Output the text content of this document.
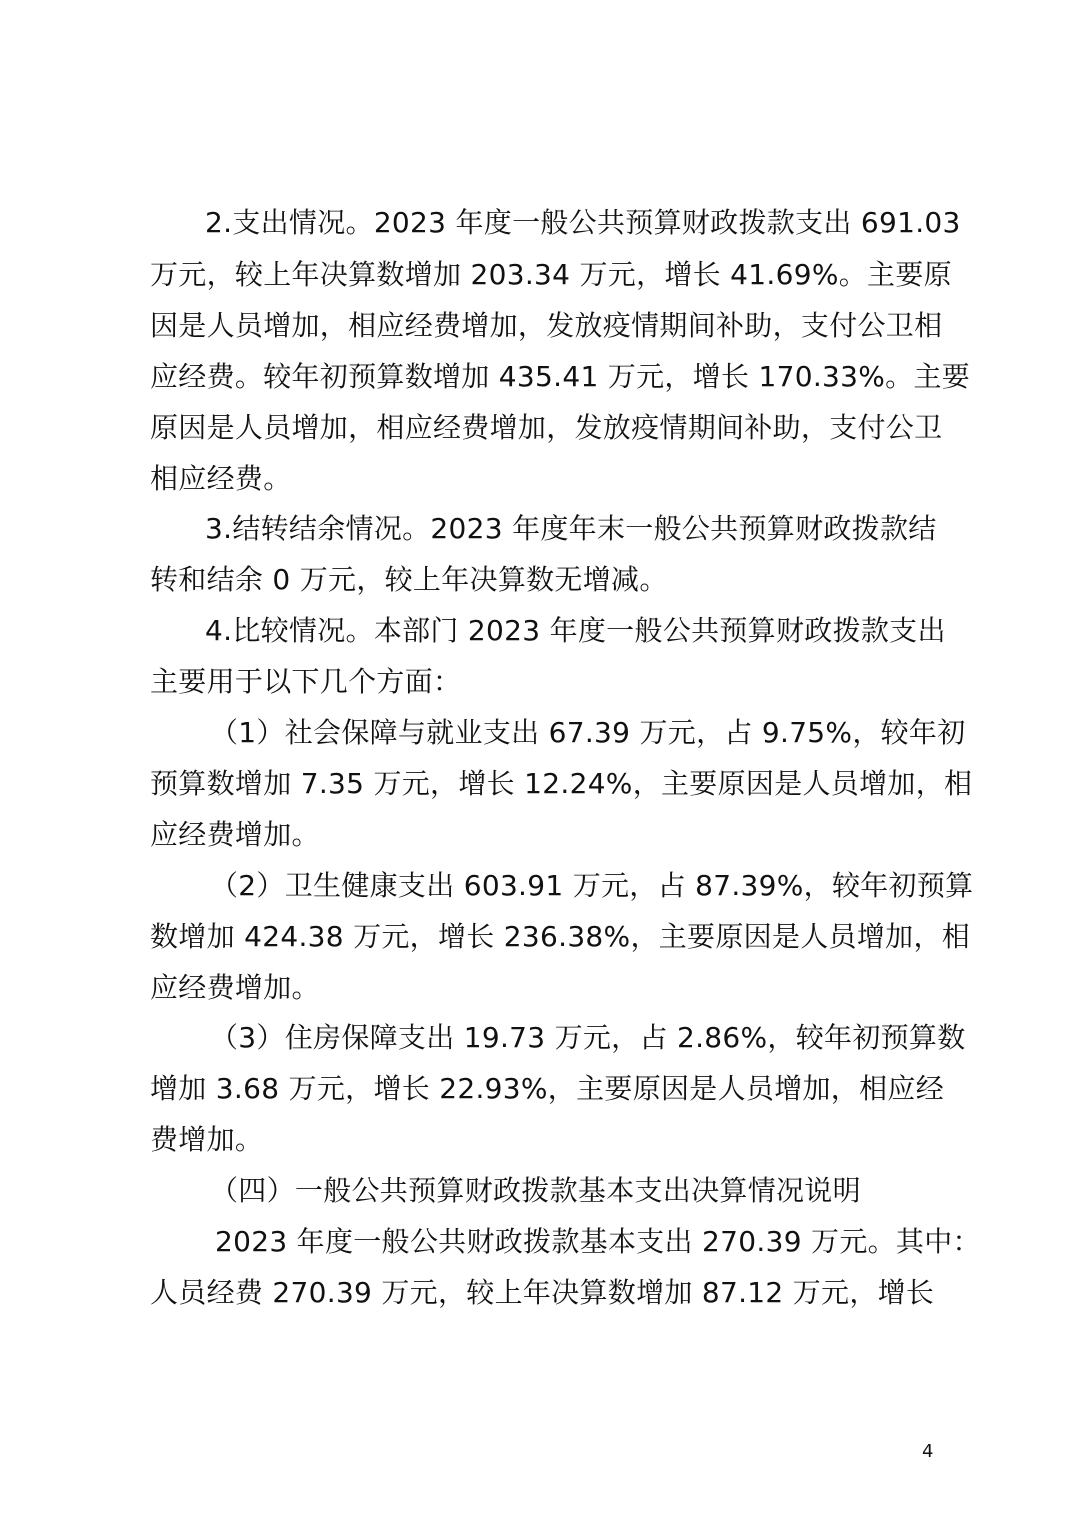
2.支出情况。2023 年度一般公共预算财政拨款支出 691.03
万元，较上年决算数增加 203.34 万元，增长 41.69%。主要原
因是人员增加，相应经费增加，发放疫情期间补助，支付公卫相
应经费。较年初预算数增加 435.41 万元，增长 170.33%。主要
原因是人员增加，相应经费增加，发放疫情期间补助，支付公卫
相应经费。
3.结转结余情况。2023 年度年末一般公共预算财政拨款结
转和结余 0 万元，较上年决算数无增减。
4.比较情况。本部门 2023 年度一般公共预算财政拨款支出
主要用于以下几个方面：
（1）社会保障与就业支出 67.39 万元，占 9.75%，较年初
预算数增加 7.35 万元，增长 12.24%，主要原因是人员增加，相
应经费增加。
（2）卫生健康支出 603.91 万元，占 87.39%，较年初预算
数增加 424.38 万元，增长 236.38%，主要原因是人员增加，相
应经费增加。
（3）住房保障支出 19.73 万元，占 2.86%，较年初预算数
增加 3.68 万元，增长 22.93%，主要原因是人员增加，相应经
费增加。
（四）一般公共预算财政拨款基本支出决算情况说明
2023 年度一般公共财政拨款基本支出 270.39 万元。其中：
人员经费 270.39 万元，较上年决算数增加 87.12 万元，增长
4
